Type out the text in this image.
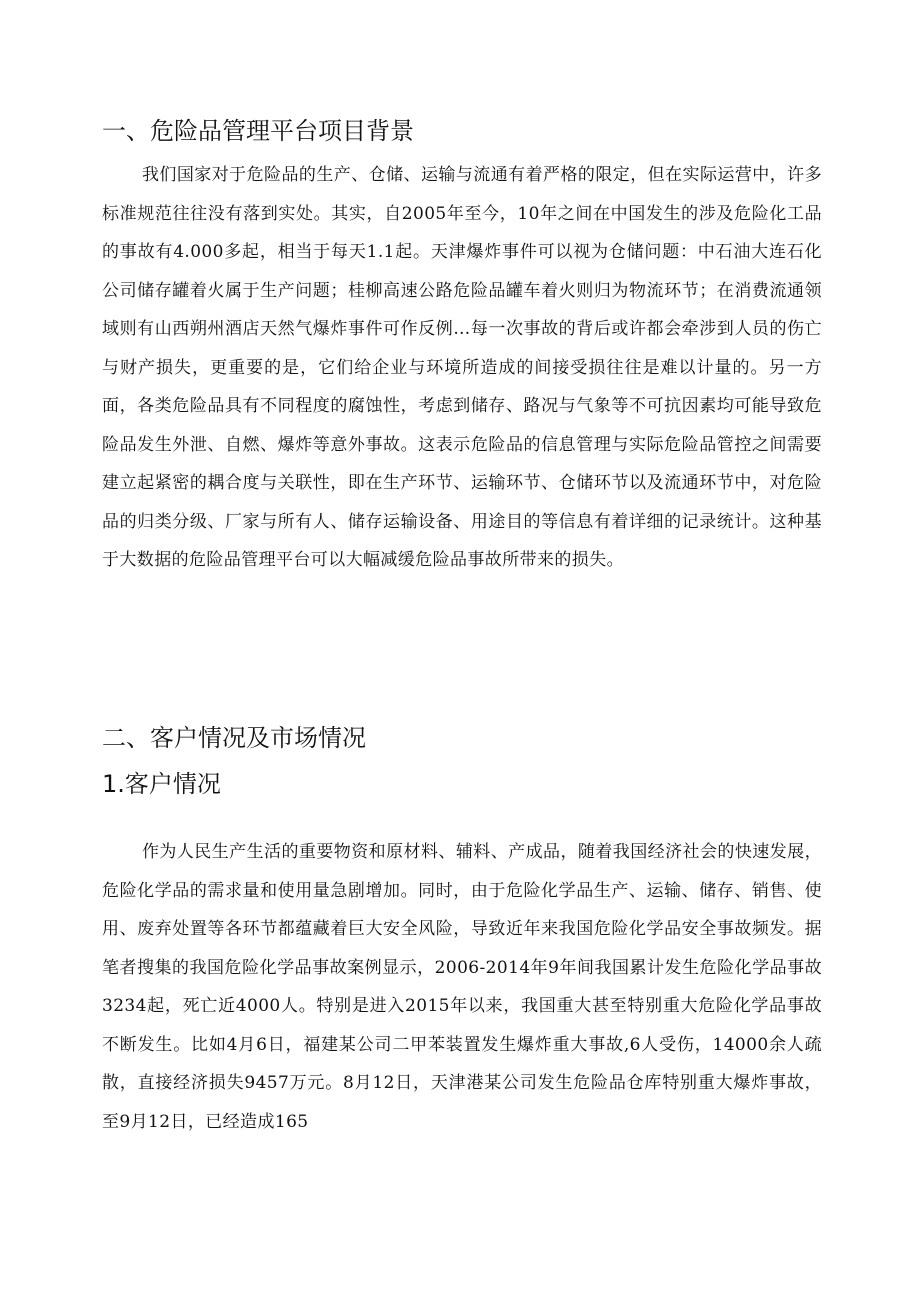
一、危险品管理平台项目背景

我们国家对于危险品的生产、仓储、运输与流通有着严格的限定，但在实际运营中，许多标准规范往往没有落到实处。其实，自2005年至今，10年之间在中国发生的涉及危险化工品的事故有4.000多起，相当于每天1.1起。天津爆炸事件可以视为仓储问题：中石油大连石化公司储存罐着火属于生产问题；桂柳高速公路危险品罐车着火则归为物流环节；在消费流通领域则有山西朔州酒店天然气爆炸事件可作反例…每一次事故的背后或许都会牵涉到人员的伤亡与财产损失，更重要的是，它们给企业与环境所造成的间接受损往往是难以计量的。另一方面，各类危险品具有不同程度的腐蚀性，考虑到储存、路况与气象等不可抗因素均可能导致危险品发生外泄、自燃、爆炸等意外事故。这表示危险品的信息管理与实际危险品管控之间需要建立起紧密的耦合度与关联性，即在生产环节、运输环节、仓储环节以及流通环节中，对危险品的归类分级、厂家与所有人、储存运输设备、用途目的等信息有着详细的记录统计。这种基于大数据的危险品管理平台可以大幅减缓危险品事故所带来的损失。

二、客户情况及市场情况
1.客户情况

作为人民生产生活的重要物资和原材料、辅料、产成品，随着我国经济社会的快速发展，危险化学品的需求量和使用量急剧增加。同时，由于危险化学品生产、运输、储存、销售、使用、废弃处置等各环节都蕴藏着巨大安全风险，导致近年来我国危险化学品安全事故频发。据笔者搜集的我国危险化学品事故案例显示，2006-2014年9年间我国累计发生危险化学品事故3234起，死亡近4000人。特别是进入2015年以来，我国重大甚至特别重大危险化学品事故不断发生。比如4月6日，福建某公司二甲苯装置发生爆炸重大事故,6人受伤，14000余人疏散，直接经济损失9457万元。8月12日，天津港某公司发生危险品仓库特别重大爆炸事故，至9月12日，已经造成165
